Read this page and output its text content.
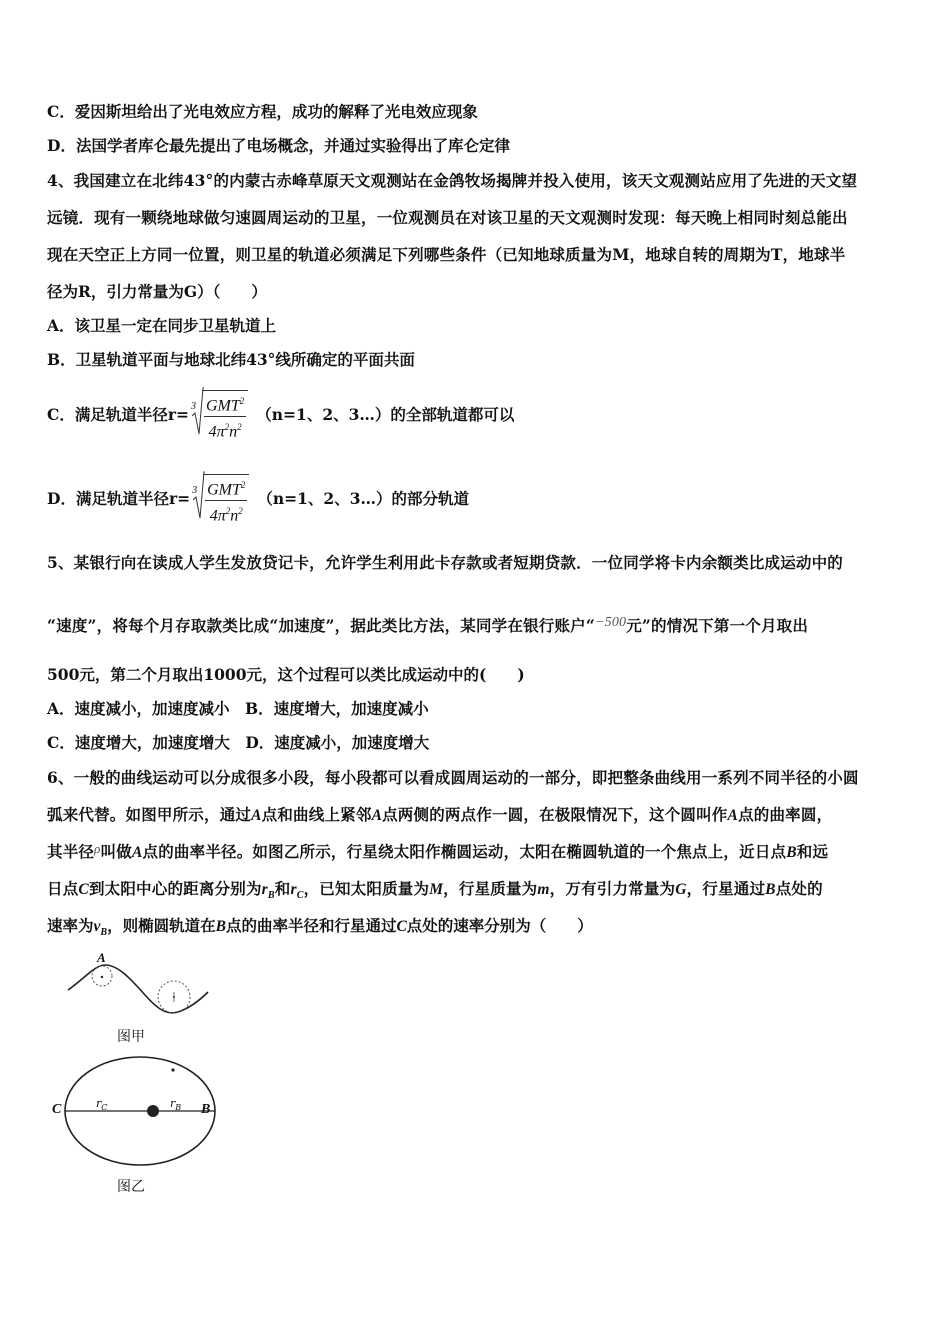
C．爱因斯坦给出了光电效应方程，成功的解释了光电效应现象
D．法国学者库仑最先提出了电场概念，并通过实验得出了库仑定律
4、我国建立在北纬43°的内蒙古赤峰草原天文观测站在金鸽牧场揭牌并投入使用，该天文观测站应用了先进的天文望
远镜．现有一颗绕地球做匀速圆周运动的卫星，一位观测员在对该卫星的天文观测时发现：每天晚上相同时刻总能出
现在天空正上方同一位置，则卫星的轨道必须满足下列哪些条件（已知地球质量为M，地球自转的周期为T，地球半
径为R，引力常量为G）（　　）
A．该卫星一定在同步卫星轨道上
B．卫星轨道平面与地球北纬43°线所确定的平面共面
C．满足轨道半径$r= 3 \frac{GMT^2}{4\pi^2n^2} (n=1$、2、3…）的全部轨道都可以
D．满足轨道半径$r= 3 \frac{GMT^2}{4\pi^2n^2} (n=1$、2、3…）的部分轨道
5、某银行向在读成人学生发放贷记卡，允许学生利用此卡存款或者短期贷款．一位同学将卡内余额类比成运动中的
“速度”，将每个月存取款类比成“加速度”，据此类比方法，某同学在银行账户“−500元”的情况下第一个月取出
500元，第二个月取出1000元，这个过程可以类比成运动中的(　　)
A．速度减小，加速度减小　B．速度增大，加速度减小
C．速度增大，加速度增大　D．速度减小，加速度增大
6、一般的曲线运动可以分成很多小段，每小段都可以看成圆周运动的一部分，即把整条曲线用一系列不同半径的小圆
弧来代替。如图甲所示，通过A点和曲线上紧邻A点两侧的两点作一圆，在极限情况下，这个圆叫作A点的曲率圆，
其半径$^\rho$叫做A点的曲率半径。如图乙所示，行星绕太阳作椭圆运动，太阳在椭圆轨道的一个焦点上，近日点B和远
日点C到太阳中心的距离分别为$r_B$和$r_C$，已知太阳质量为M，行星质量为m，万有引力常量为G，行星通过B点处的
速率为$v_B$，则椭圆轨道在B点的曲率半径和行星通过C点处的速率分别为（　　）
A
图甲
C	B
$r_C$	$r_B$
图乙
